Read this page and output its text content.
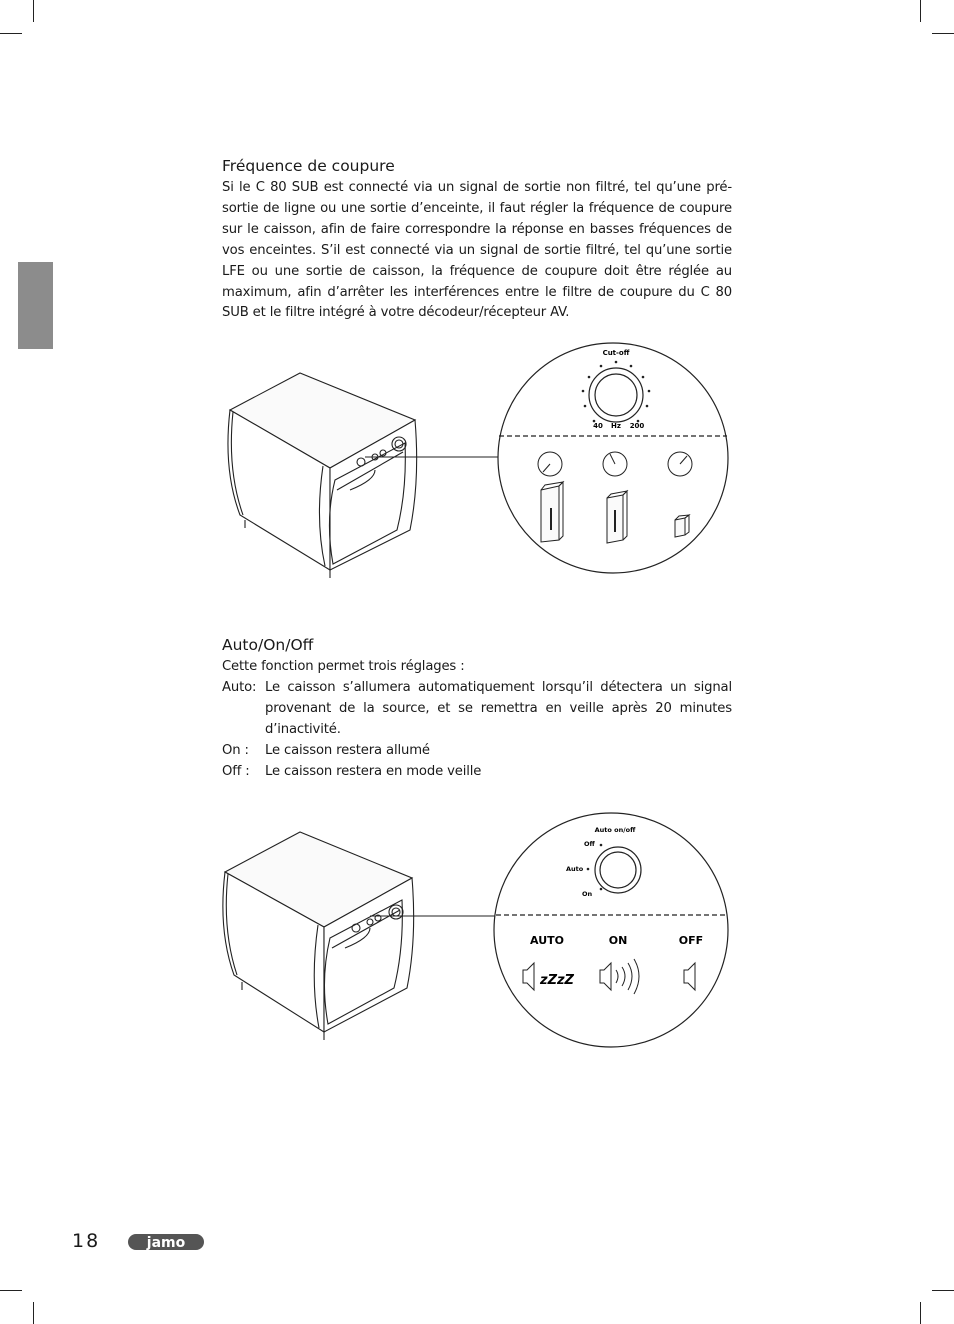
Fréquence de coupure

Si le C 80 SUB est connecté via un signal de sortie non filtré, tel qu’une pré-sortie de ligne ou une sortie d’enceinte, il faut régler la fréquence de coupure sur le caisson, afin de faire correspondre la réponse en basses fréquences de vos enceintes. S’il est connecté via un signal de sortie filtré, tel qu’une sortie LFE ou une sortie de caisson, la fréquence de coupure doit être réglée au maximum, afin d’arrêter les interférences entre le filtre de coupure du C 80 SUB et le filtre intégré à votre décodeur/récepteur AV.

Cut-off
40 Hz 200
Auto/On/Off
Cette fonction permet trois réglages :
Auto: Le caisson s’allumera automatiquement lorsqu’il détectera un signal provenant de la source, et se remettra en veille après 20 minutes d’inactivité.
On :	Le caisson restera allumé
Off :	Le caisson restera en mode veille
Auto on/off
Off
Auto
On
AUTO	ON	OFF
zZzZ
18	jamo
